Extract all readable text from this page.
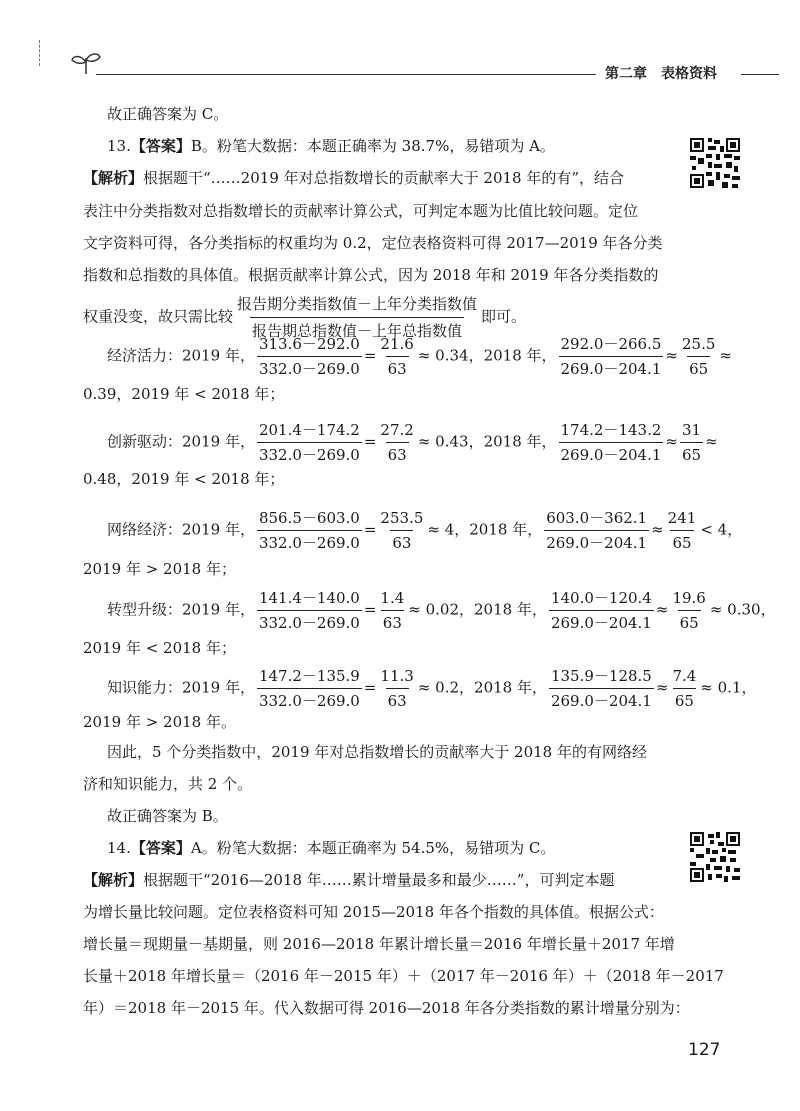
第二章 表格资料
故正确答案为 C。
13.【答案】B。粉笔大数据：本题正确率为 38.7%，易错项为 A。
【解析】根据题干“……2019 年对总指数增长的贡献率大于 2018 年的有”，结合
表注中分类指数对总指数增长的贡献率计算公式，可判定本题为比值比较问题。定位
文字资料可得，各分类指标的权重均为 0.2，定位表格资料可得 2017—2019 年各分类
指数和总指数的具体值。根据贡献率计算公式，因为 2018 年和 2019 年各分类指数的
权重没变，故只需比较 $\frac{\text{报告期分类指数值－上年分类指数值}}{\text{报告期总指数值－上年总指数值}}$ 即可。
经济活力：2019 年， $\frac{313.6-292.0}{332.0-269.0} = \frac{21.6}{63} \approx 0.34$，2018 年， $\frac{292.0-266.5}{269.0-204.1} \approx \frac{25.5}{65}$ ≈
0.39，2019 年 < 2018 年；
创新驱动：2019 年， $\frac{201.4-174.2}{332.0-269.0} = \frac{27.2}{63} \approx 0.43$，2018 年， $\frac{174.2-143.2}{269.0-204.1} \approx \frac{31}{65}$ ≈
0.48，2019 年 < 2018 年；
网络经济：2019 年， $\frac{856.5-603.0}{332.0-269.0} = \frac{253.5}{63} \approx 4$，2018 年， $\frac{603.0-362.1}{269.0-204.1} \approx \frac{241}{65} < 4$，
2019 年 > 2018 年；
转型升级：2019 年， $\frac{141.4-140.0}{332.0-269.0} = \frac{1.4}{63} \approx 0.02$，2018 年， $\frac{140.0-120.4}{269.0-204.1} \approx \frac{19.6}{65} \approx 0.30$，
2019 年 < 2018 年；
知识能力：2019 年， $\frac{147.2-135.9}{332.0-269.0} = \frac{11.3}{63} \approx 0.2$，2018 年， $\frac{135.9-128.5}{269.0-204.1} \approx \frac{7.4}{65} \approx 0.1$，
2019 年 > 2018 年。
因此，5 个分类指数中，2019 年对总指数增长的贡献率大于 2018 年的有网络经
济和知识能力，共 2 个。
故正确答案为 B。
14.【答案】A。粉笔大数据：本题正确率为 54.5%，易错项为 C。
【解析】根据题干“2016—2018 年……累计增量最多和最少……”，可判定本题
为增长量比较问题。定位表格资料可知 2015—2018 年各个指数的具体值。根据公式：
增长量＝现期量－基期量，则 2016—2018 年累计增长量＝2016 年增长量＋2017 年增
长量＋2018 年增长量＝（2016 年－2015 年）＋（2017 年－2016 年）＋（2018 年－2017
年）＝2018 年－2015 年。代入数据可得 2016—2018 年各分类指数的累计增量分别为：
127
